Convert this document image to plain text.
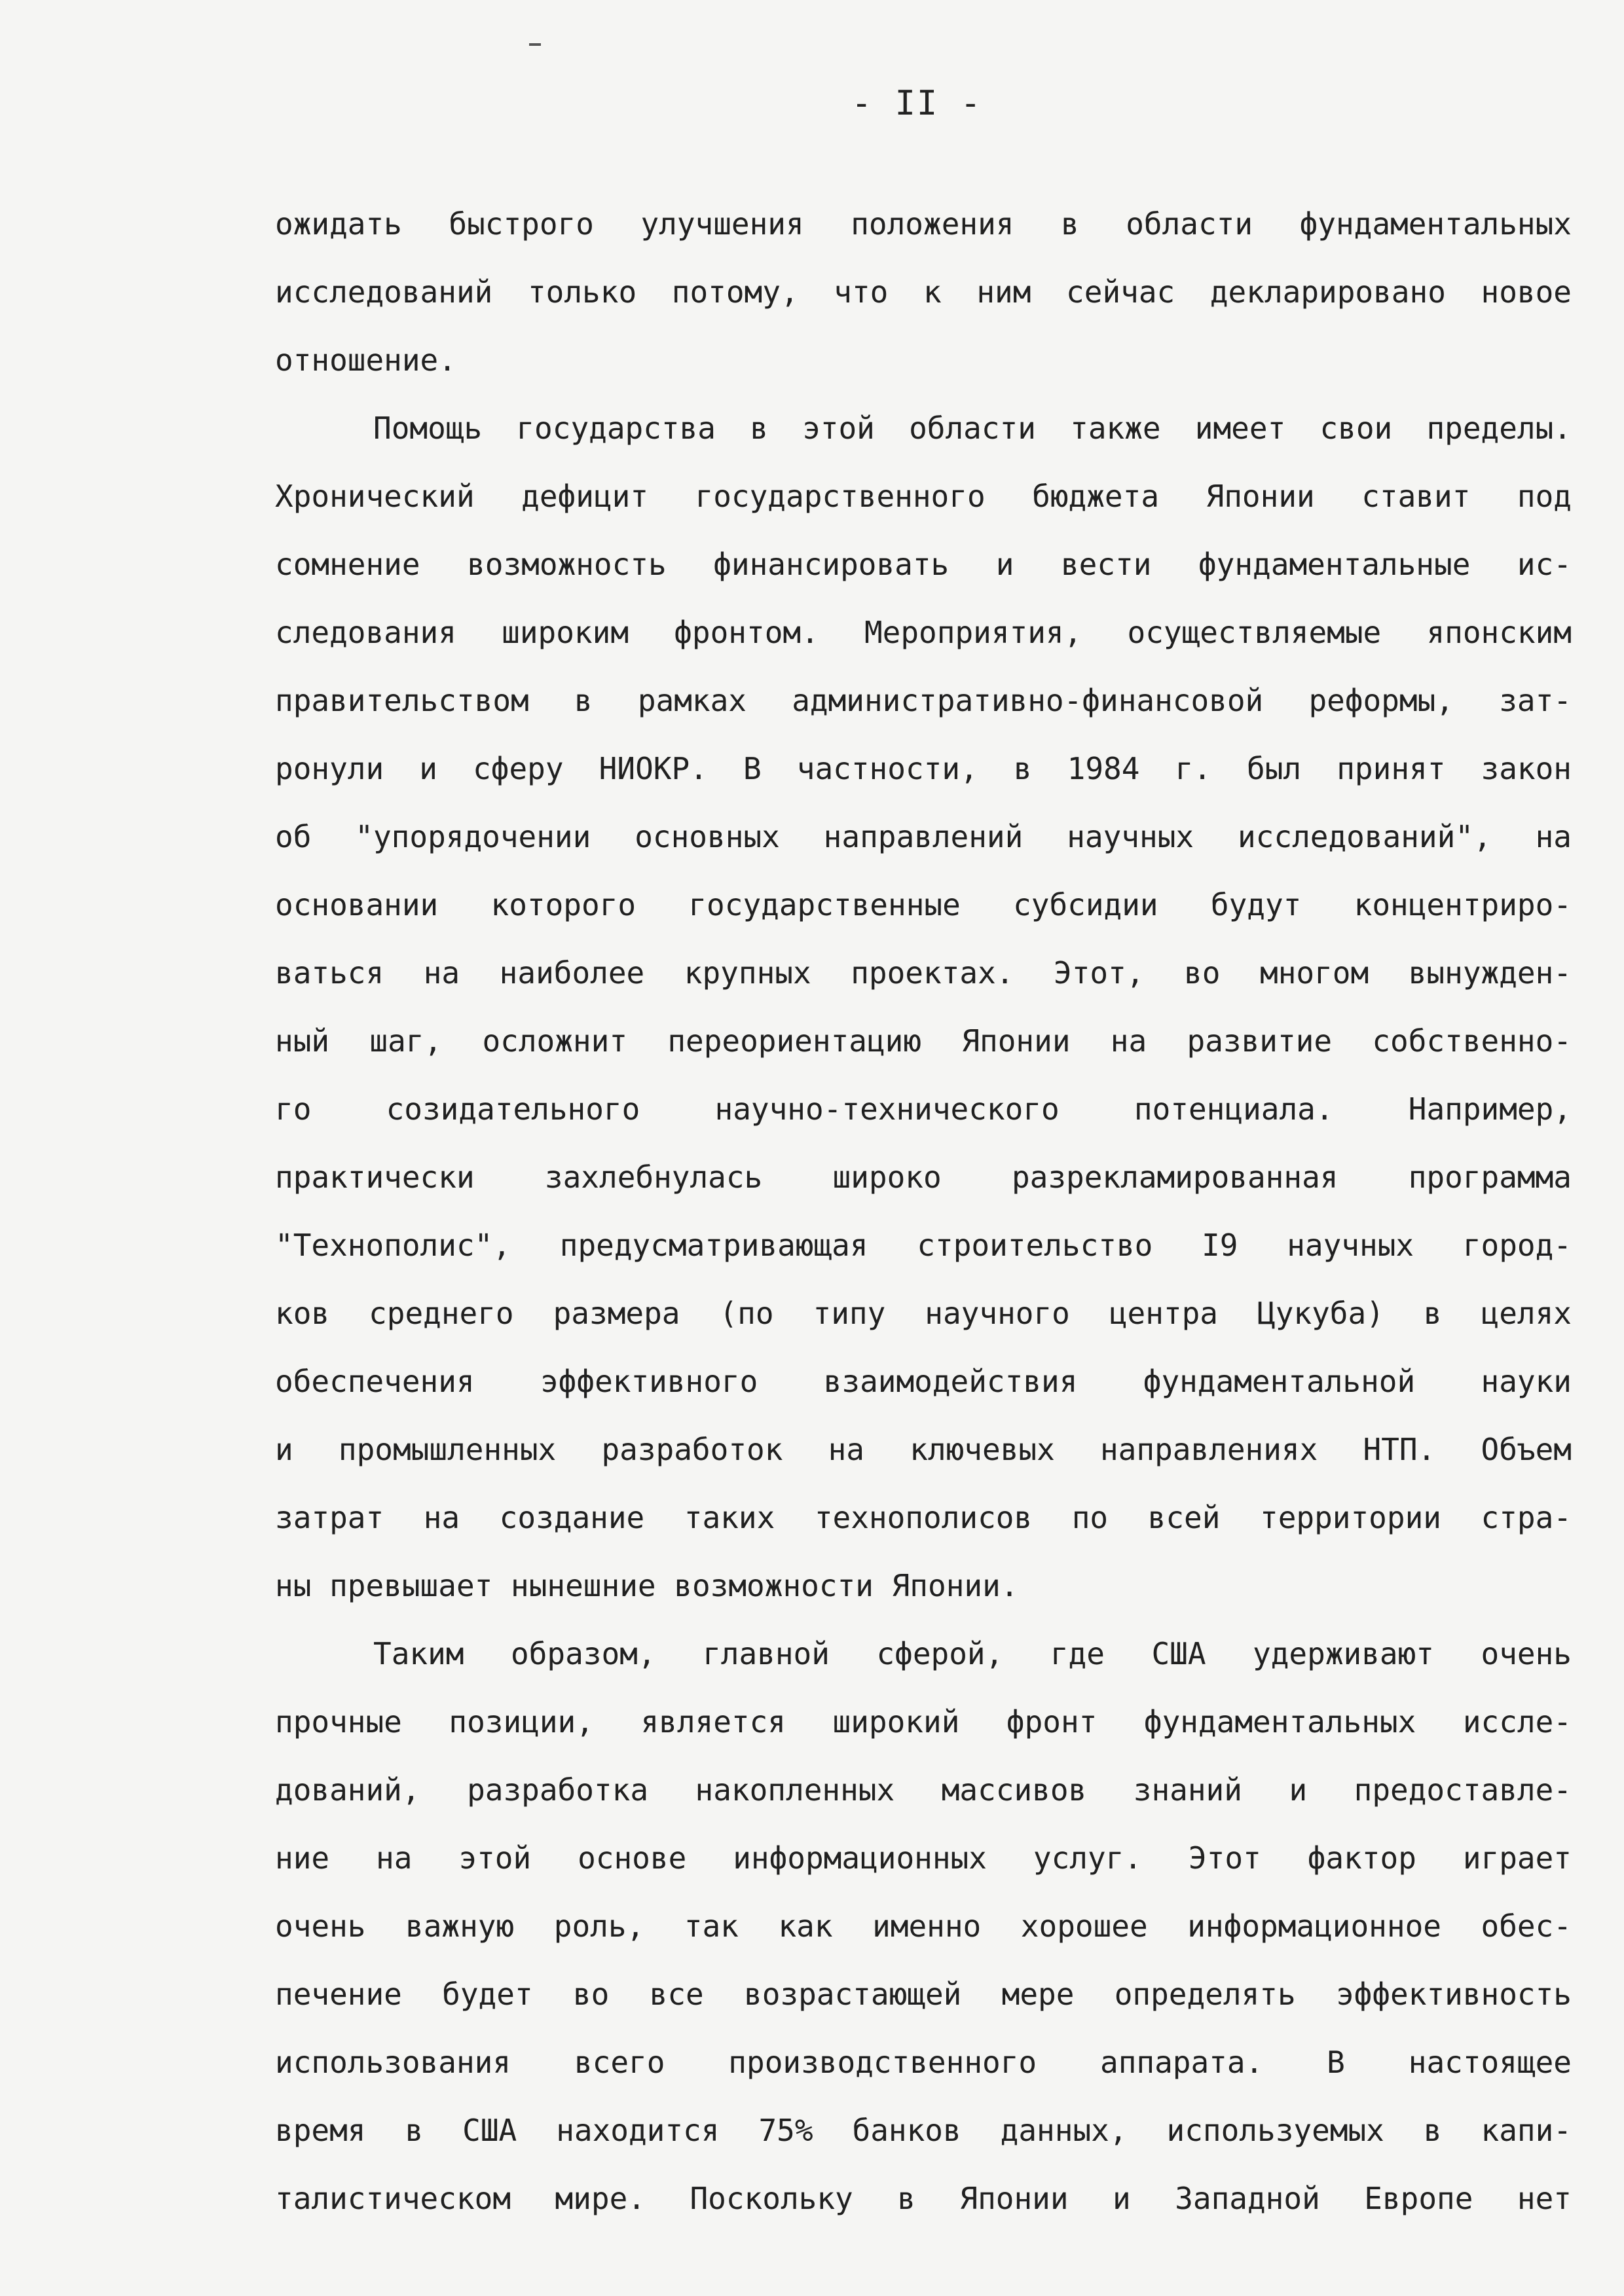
- II -
ожидать быстрого улучшения положения в области фундаментальных
исследований только потому, что к ним сейчас декларировано новое
отношение.
Помощь государства в этой области также имеет свои пределы.
Хронический дефицит государственного бюджета Японии ставит под
сомнение возможность финансировать и вести фундаментальные ис-
следования широким фронтом. Мероприятия, осуществляемые японским
правительством в рамках административно-финансовой реформы, зат-
ронули и сферу НИОКР. В частности, в 1984 г. был принят закон
об "упорядочении основных направлений научных исследований", на
основании которого государственные субсидии будут концентриро-
ваться на наиболее крупных проектах. Этот, во многом вынужден-
ный шаг, осложнит переориентацию Японии на развитие собственно-
го созидательного научно-технического потенциала. Например,
практически захлебнулась широко разрекламированная программа
"Технополис", предусматривающая строительство I9 научных город-
ков среднего размера (по типу научного центра Цукуба) в целях
обеспечения эффективного взаимодействия фундаментальной науки
и промышленных разработок на ключевых направлениях НТП. Объем
затрат на создание таких технополисов по всей территории стра-
ны превышает нынешние возможности Японии.
Таким образом, главной сферой, где США удерживают очень
прочные позиции, является широкий фронт фундаментальных иссле-
дований, разработка накопленных массивов знаний и предоставле-
ние на этой основе информационных услуг. Этот фактор играет
очень важную роль, так как именно хорошее информационное обес-
печение будет во все возрастающей мере определять эффективность
использования всего производственного аппарата. В настоящее
время в США находится 75% банков данных, используемых в капи-
талистическом мире. Поскольку в Японии и Западной Европе нет
